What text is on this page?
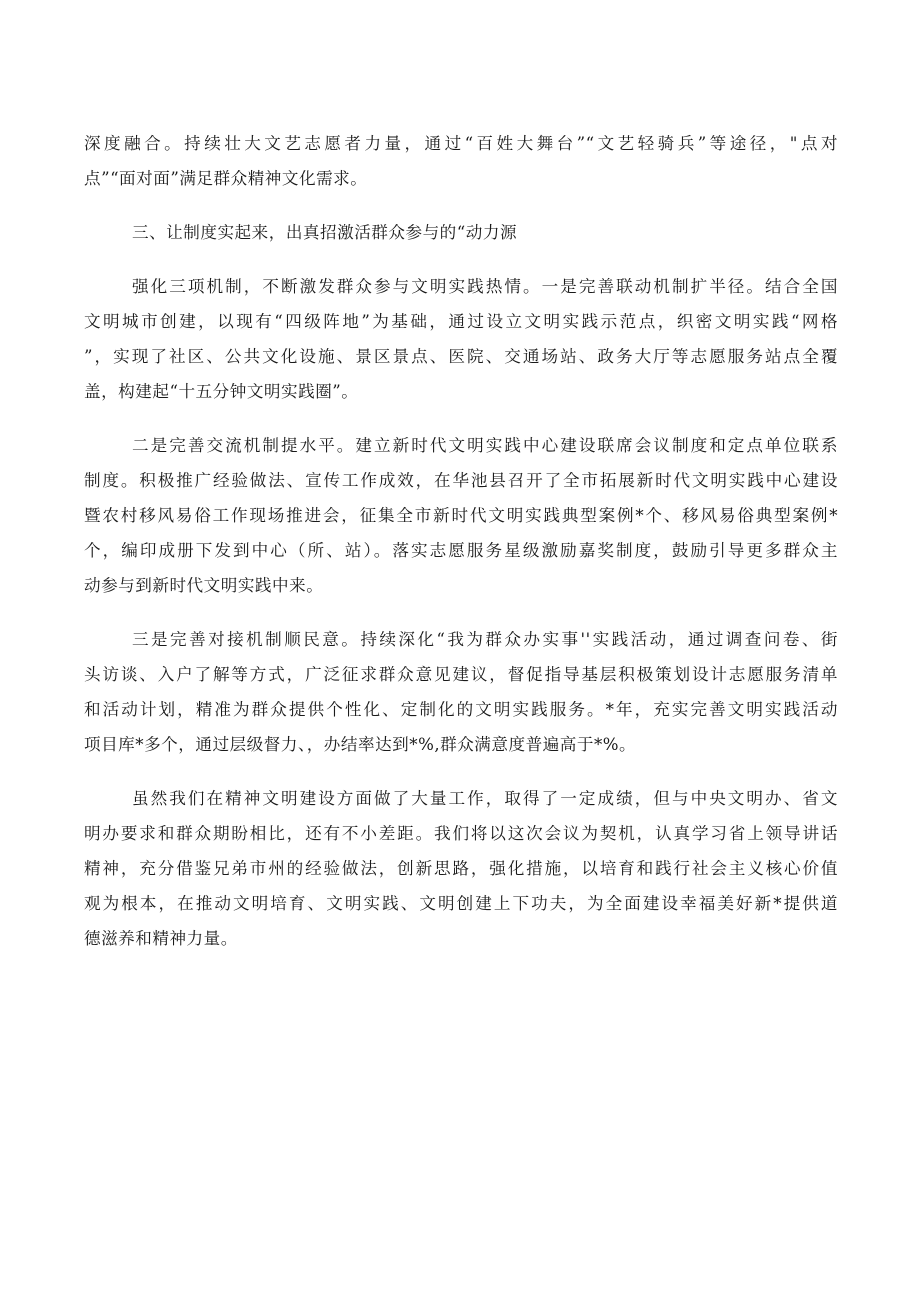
深度融合。持续壮大文艺志愿者力量，通过“百姓大舞台”“文艺轻骑兵”等途径，"点对
点”“面对面”满足群众精神文化需求。
三、让制度实起来，出真招激活群众参与的“动力源
强化三项机制，不断激发群众参与文明实践热情。一是完善联动机制扩半径。结合全国
文明城市创建，以现有“四级阵地”为基础，通过设立文明实践示范点，织密文明实践“网格
”，实现了社区、公共文化设施、景区景点、医院、交通场站、政务大厅等志愿服务站点全覆
盖，构建起“十五分钟文明实践圈”。
二是完善交流机制提水平。建立新时代文明实践中心建设联席会议制度和定点单位联系
制度。积极推广经验做法、宣传工作成效，在华池县召开了全市拓展新时代文明实践中心建设
暨农村移风易俗工作现场推进会，征集全市新时代文明实践典型案例*个、移风易俗典型案例*
个，编印成册下发到中心（所、站）。落实志愿服务星级激励嘉奖制度，鼓励引导更多群众主
动参与到新时代文明实践中来。
三是完善对接机制顺民意。持续深化“我为群众办实事''实践活动，通过调查问卷、街
头访谈、入户了解等方式，广泛征求群众意见建议，督促指导基层积极策划设计志愿服务清单
和活动计划，精准为群众提供个性化、定制化的文明实践服务。*年，充实完善文明实践活动
项目库*多个，通过层级督力、，办结率达到*%,群众满意度普遍高于*%。
虽然我们在精神文明建设方面做了大量工作，取得了一定成绩，但与中央文明办、省文
明办要求和群众期盼相比，还有不小差距。我们将以这次会议为契机，认真学习省上领导讲话
精神，充分借鉴兄弟市州的经验做法，创新思路，强化措施，以培育和践行社会主义核心价值
观为根本，在推动文明培育、文明实践、文明创建上下功夫，为全面建设幸福美好新*提供道
德滋养和精神力量。
